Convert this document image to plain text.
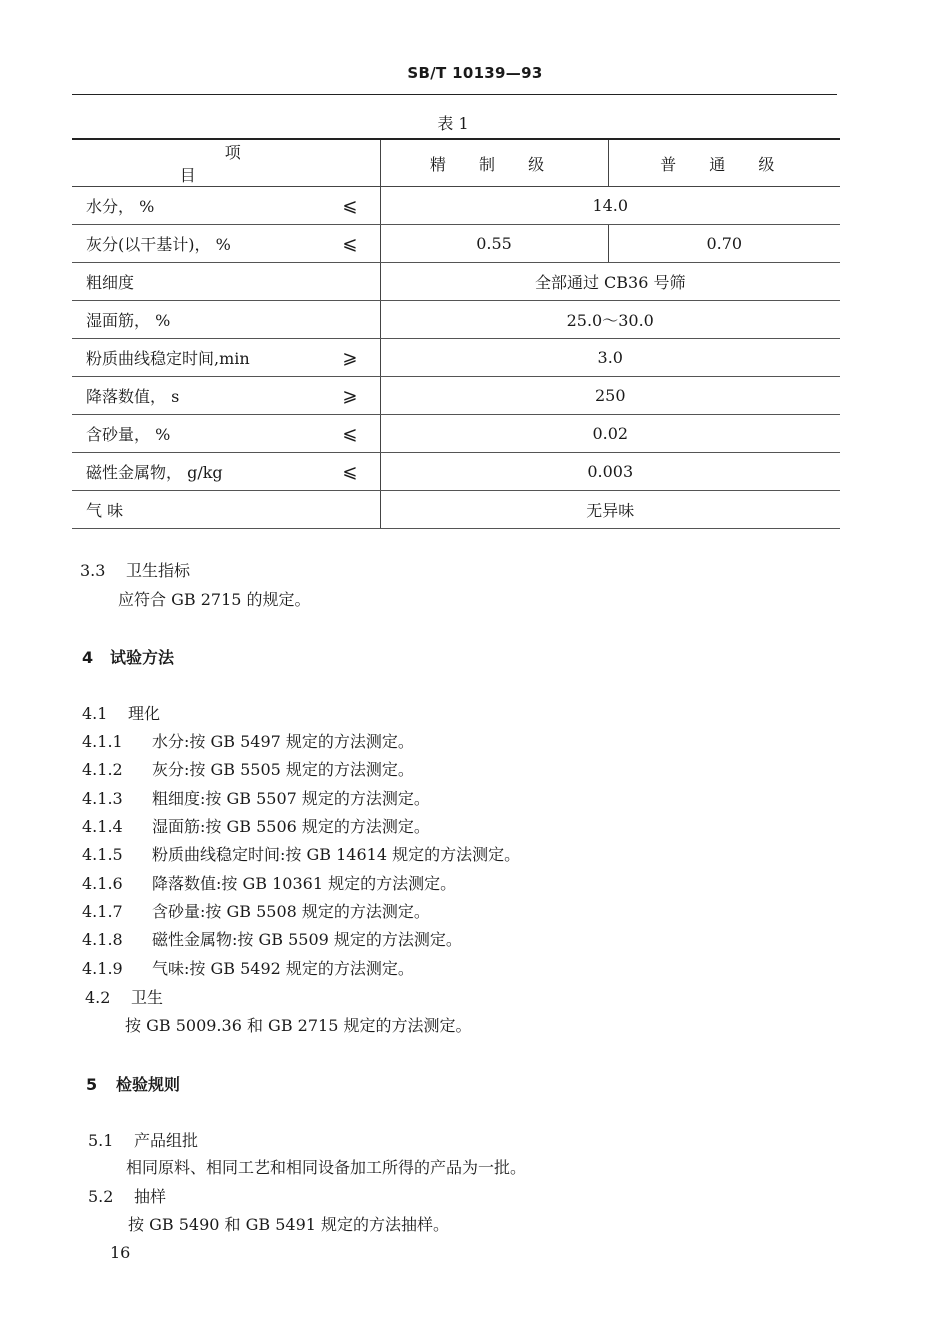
SB/T 10139—93
表 1
项 目	精 制 级	普 通 级
水分， % ⩽	14.0	
灰分(以干基计)， % ⩽	0.55	0.70
粗细度	全部通过 CB36 号筛	
湿面筋， %	25.0～30.0	
粉质曲线稳定时间,min ⩾	3.0	
降落数值， s ⩾	250	
含砂量， % ⩽	0.02	
磁性金属物， g/kg ⩽	0.003	
气 味	无异味	
3.3 卫生指标
应符合 GB 2715 的规定。
4 试验方法
4.1 理化
4.1.1 水分:按 GB 5497 规定的方法测定。
4.1.2 灰分:按 GB 5505 规定的方法测定。
4.1.3 粗细度:按 GB 5507 规定的方法测定。
4.1.4 湿面筋:按 GB 5506 规定的方法测定。
4.1.5 粉质曲线稳定时间:按 GB 14614 规定的方法测定。
4.1.6 降落数值:按 GB 10361 规定的方法测定。
4.1.7 含砂量:按 GB 5508 规定的方法测定。
4.1.8 磁性金属物:按 GB 5509 规定的方法测定。
4.1.9 气味:按 GB 5492 规定的方法测定。
4.2 卫生
按 GB 5009.36 和 GB 2715 规定的方法测定。
5 检验规则
5.1 产品组批
相同原料、相同工艺和相同设备加工所得的产品为一批。
5.2 抽样
按 GB 5490 和 GB 5491 规定的方法抽样。
16
